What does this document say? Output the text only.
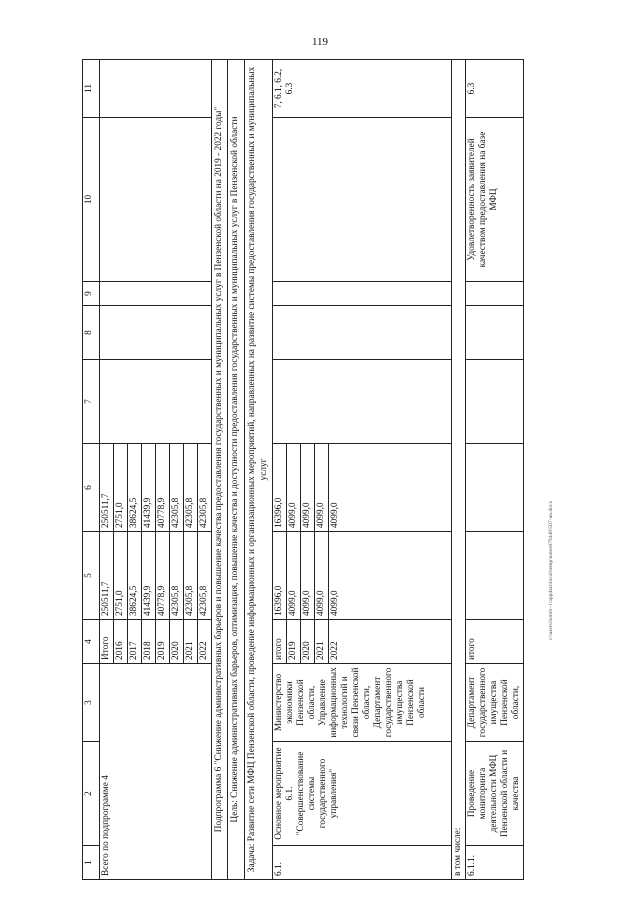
119
1	2	3	4	5	6	7	8	9	10	11
Всего по подпрограмме 4			Итого	250511,7	250511,7					
			2016	2751,0	2751,0					
			2017	38624,5	38624,5					
			2018	41439,9	41439,9					
			2019	40778,9	40778,9					
			2020	42305,8	42305,8					
			2021	42305,8	42305,8					
			2022	42305,8	42305,8					
Подпрограмма 6 "Снижение административных барьеров и повышение качества предоставления государственных и муниципальных услуг в Пензенской области на 2019 - 2022 годы"										
Цель: Снижение административных барьеров, оптимизация, повышение качества и доступности предоставления государственных и муниципальных услуг в Пензенской области										
Задача: Развитие сети МФЦ Пензенской области, проведение информационных и организационных мероприятий, направленных на развитие системы предоставления государственных и муниципальных услуг										
6.1.	Основное мероприятие 6.1. "Совершенствование системы государственного управления"	Министерство экономики Пензенской области, Управление информационных технологий и связи Пензенской области, Департамент государственного имущества Пензенской области	итого	16396,0	16396,0					7, 6.1, 6.2, 6.3
			2019	4099,0	4099,0					
			2020	4099,0	4099,0					
			2021	4099,0	4099,0					
			2022	4099,0	4099,0					
в том числе:										
6.1.1.	Проведение мониторинга деятельности МФЦ Пензенской области и качества	Департамент государственного имущества Пензенской области,	итого						Удовлетворенность заявителей качеством предоставления на базе МФЦ	6.3
c:\users\borob~1\appdata\local\temp\notes879440\507-un.docx
